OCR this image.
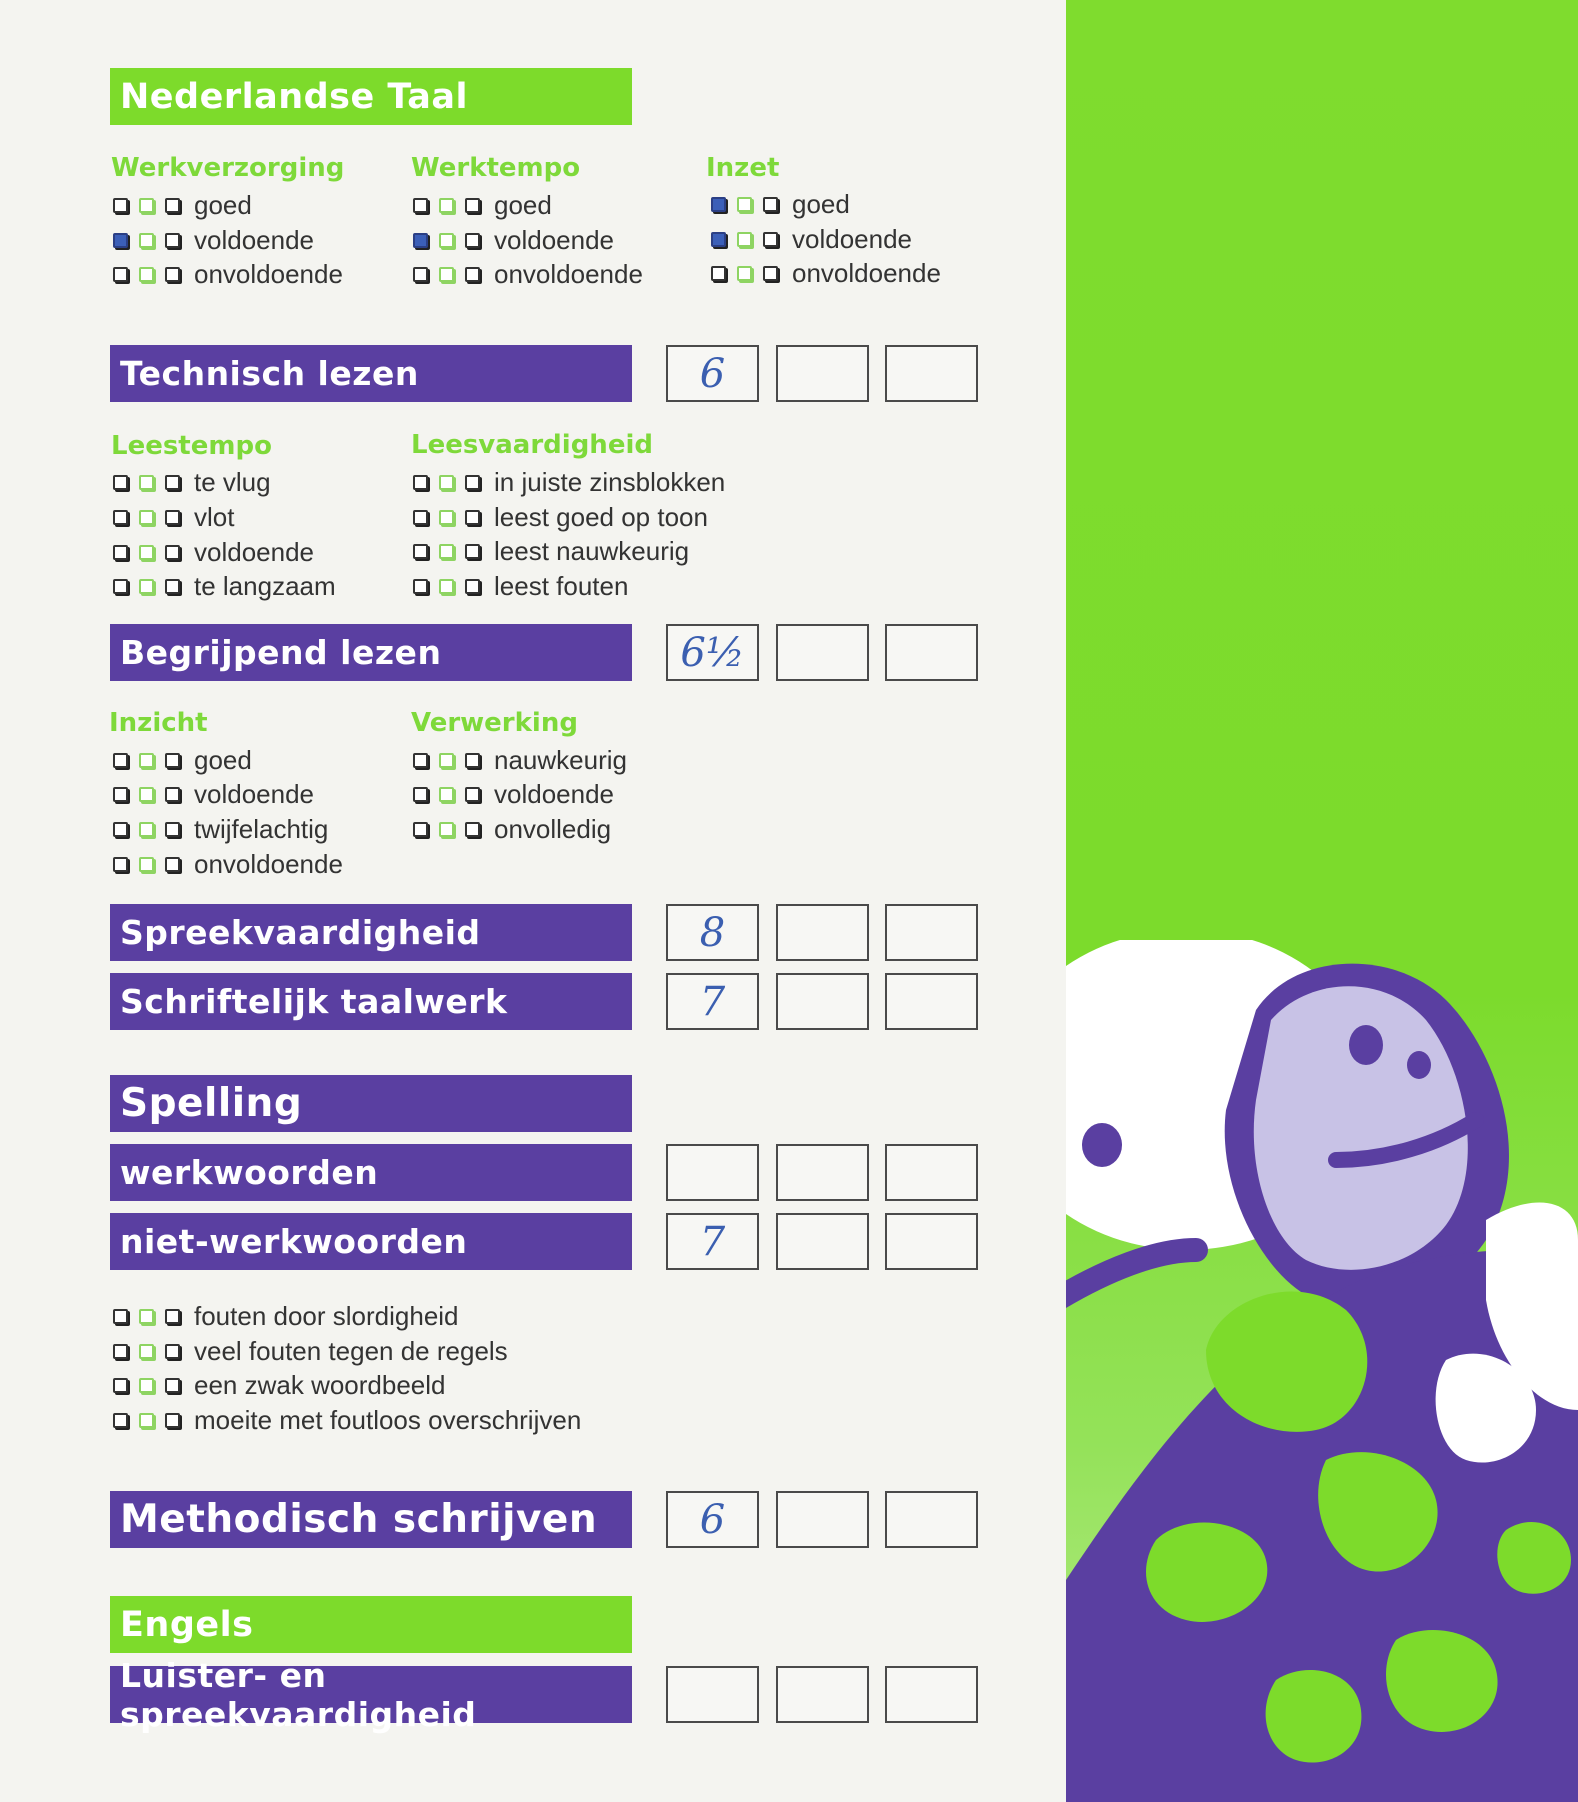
Nederlandse Taal
Werkverzorging
goed
voldoende
onvoldoende
Werktempo
goed
voldoende
onvoldoende
Inzet
goed
voldoende
onvoldoende
Technisch lezen	6
Leestempo
te vlug
vlot
voldoende
te langzaam
Leesvaardigheid
in juiste zinsblokken
leest goed op toon
leest nauwkeurig
leest fouten
Begrijpend lezen	6½
Inzicht
goed
voldoende
twijfelachtig
onvoldoende
Verwerking
nauwkeurig
voldoende
onvolledig
Spreekvaardigheid	8
Schriftelijk taalwerk	7
Spelling
werkwoorden
niet-werkwoorden	7
fouten door slordigheid
veel fouten tegen de regels
een zwak woordbeeld
moeite met foutloos overschrijven
Methodisch schrijven	6
Engels
Luister- en spreekvaardigheid
